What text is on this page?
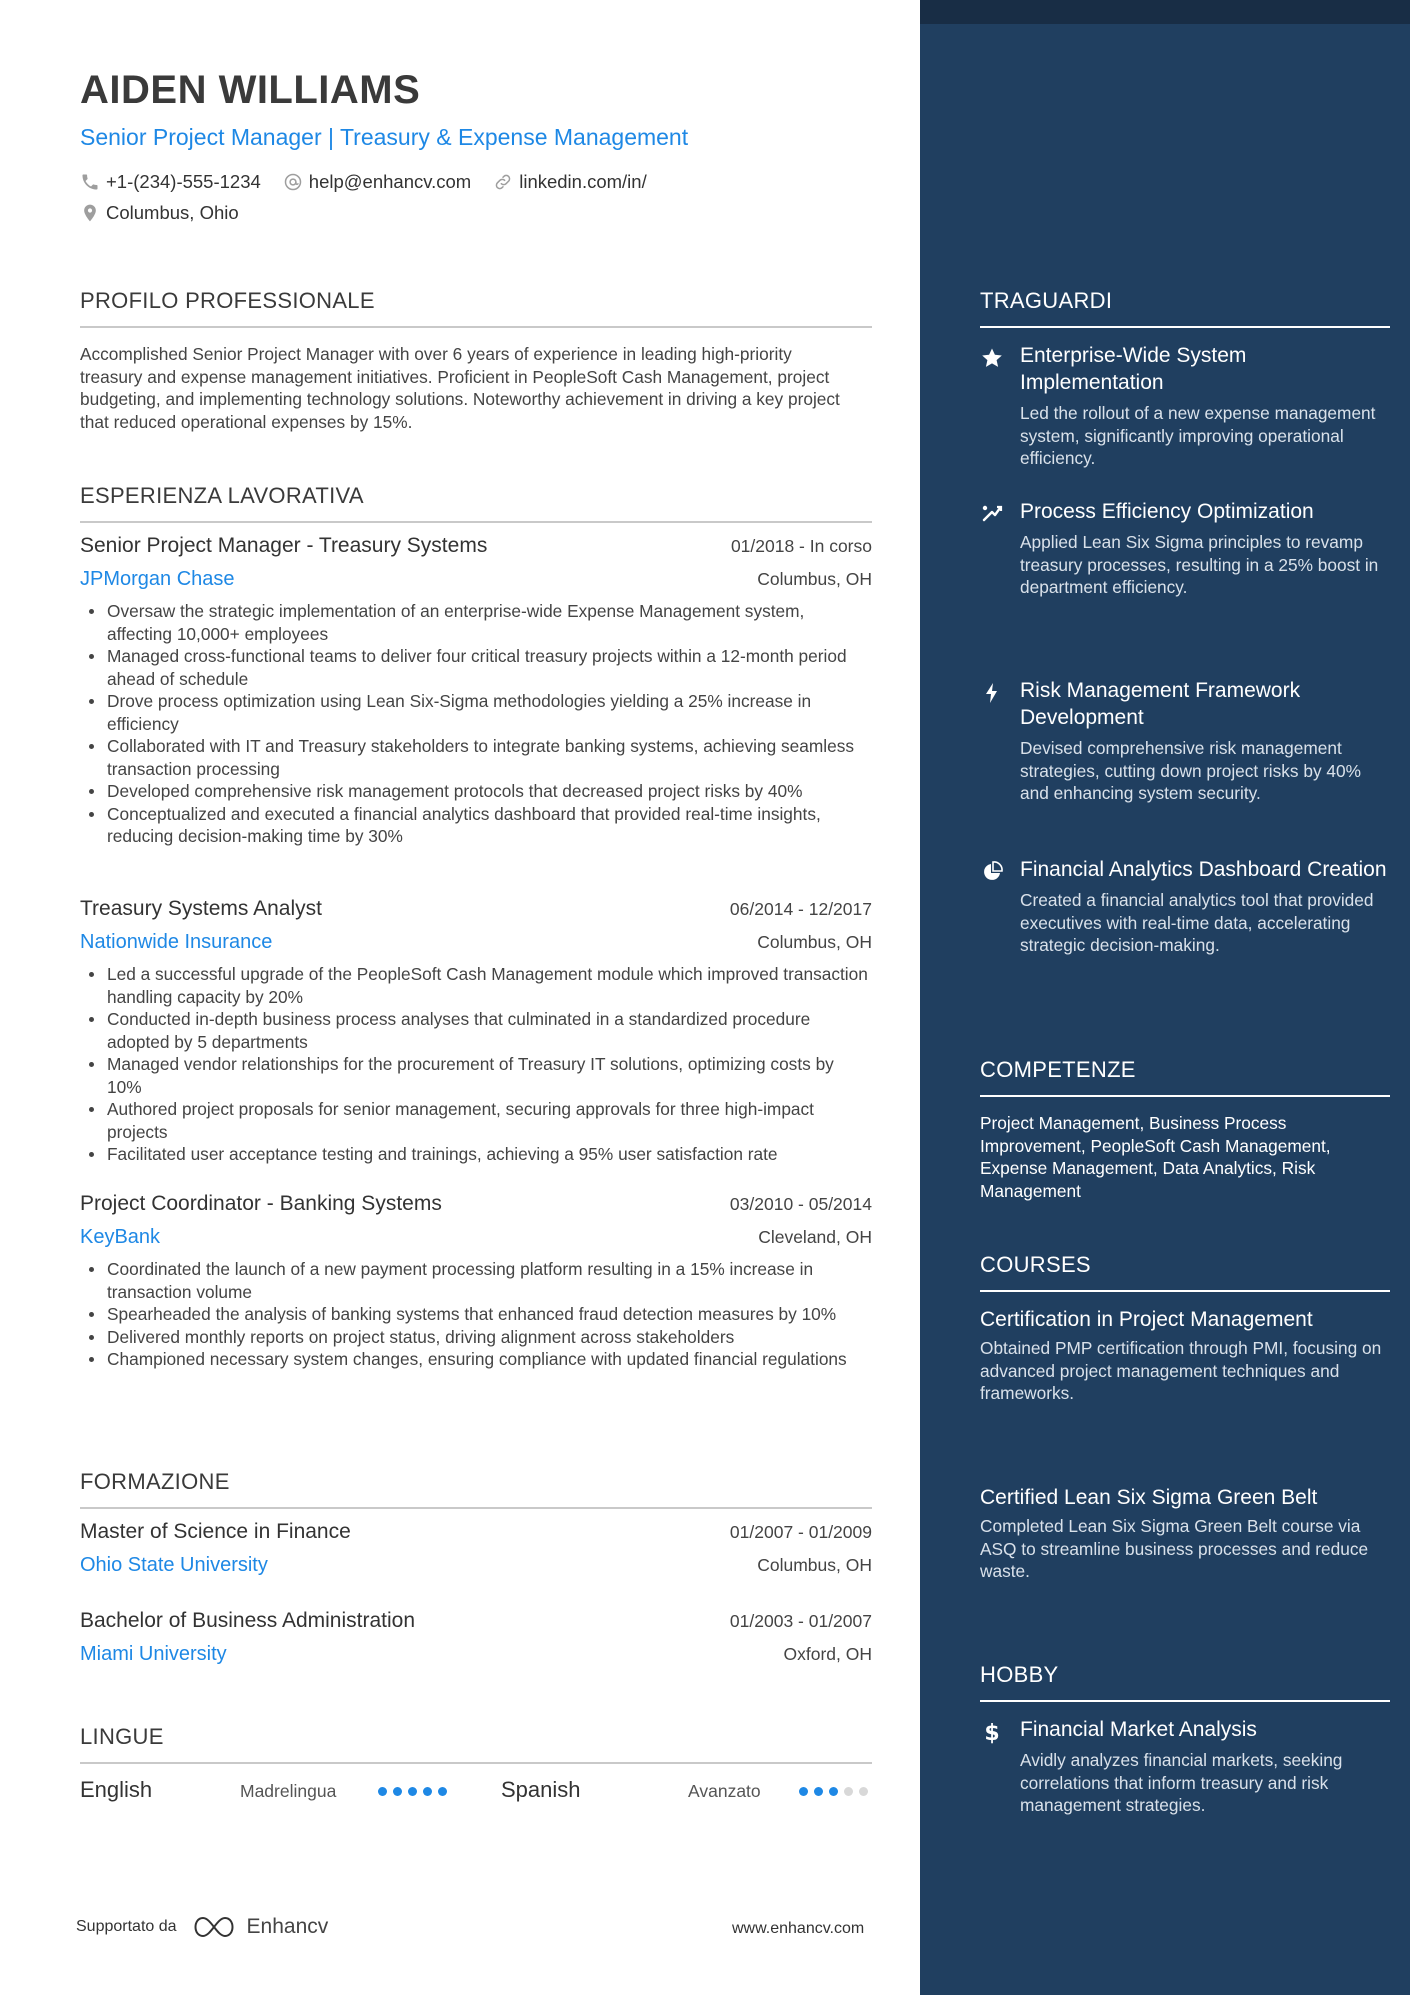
AIDEN WILLIAMS
Senior Project Manager | Treasury & Expense Management
+1-(234)-555-1234	help@enhancv.com	linkedin.com/in/
Columbus, Ohio
PROFILO PROFESSIONALE
Accomplished Senior Project Manager with over 6 years of experience in leading high-priority treasury and expense management initiatives. Proficient in PeopleSoft Cash Management, project budgeting, and implementing technology solutions. Noteworthy achievement in driving a key project that reduced operational expenses by 15%.
ESPERIENZA LAVORATIVA
Senior Project Manager - Treasury Systems	01/2018 - In corso
JPMorgan Chase	Columbus, OH
Oversaw the strategic implementation of an enterprise-wide Expense Management system, affecting 10,000+ employees
Managed cross-functional teams to deliver four critical treasury projects within a 12-month period ahead of schedule
Drove process optimization using Lean Six-Sigma methodologies yielding a 25% increase in efficiency
Collaborated with IT and Treasury stakeholders to integrate banking systems, achieving seamless transaction processing
Developed comprehensive risk management protocols that decreased project risks by 40%
Conceptualized and executed a financial analytics dashboard that provided real-time insights, reducing decision-making time by 30%
Treasury Systems Analyst	06/2014 - 12/2017
Nationwide Insurance	Columbus, OH
Led a successful upgrade of the PeopleSoft Cash Management module which improved transaction handling capacity by 20%
Conducted in-depth business process analyses that culminated in a standardized procedure adopted by 5 departments
Managed vendor relationships for the procurement of Treasury IT solutions, optimizing costs by 10%
Authored project proposals for senior management, securing approvals for three high-impact projects
Facilitated user acceptance testing and trainings, achieving a 95% user satisfaction rate
Project Coordinator - Banking Systems	03/2010 - 05/2014
KeyBank	Cleveland, OH
Coordinated the launch of a new payment processing platform resulting in a 15% increase in transaction volume
Spearheaded the analysis of banking systems that enhanced fraud detection measures by 10%
Delivered monthly reports on project status, driving alignment across stakeholders
Championed necessary system changes, ensuring compliance with updated financial regulations
FORMAZIONE
Master of Science in Finance	01/2007 - 01/2009
Ohio State University	Columbus, OH
Bachelor of Business Administration	01/2003 - 01/2007
Miami University	Oxford, OH
LINGUE
English	Madrelingua	Spanish	Avanzato
Supportato da	Enhancv	www.enhancv.com
TRAGUARDI
Enterprise-Wide System Implementation
Led the rollout of a new expense management system, significantly improving operational efficiency.
Process Efficiency Optimization
Applied Lean Six Sigma principles to revamp treasury processes, resulting in a 25% boost in department efficiency.
Risk Management Framework Development
Devised comprehensive risk management strategies, cutting down project risks by 40% and enhancing system security.
Financial Analytics Dashboard Creation
Created a financial analytics tool that provided executives with real-time data, accelerating strategic decision-making.
COMPETENZE
Project Management, Business Process Improvement, PeopleSoft Cash Management, Expense Management, Data Analytics, Risk Management
COURSES
Certification in Project Management
Obtained PMP certification through PMI, focusing on advanced project management techniques and frameworks.
Certified Lean Six Sigma Green Belt
Completed Lean Six Sigma Green Belt course via ASQ to streamline business processes and reduce waste.
HOBBY
$ Financial Market Analysis
Avidly analyzes financial markets, seeking correlations that inform treasury and risk management strategies.
